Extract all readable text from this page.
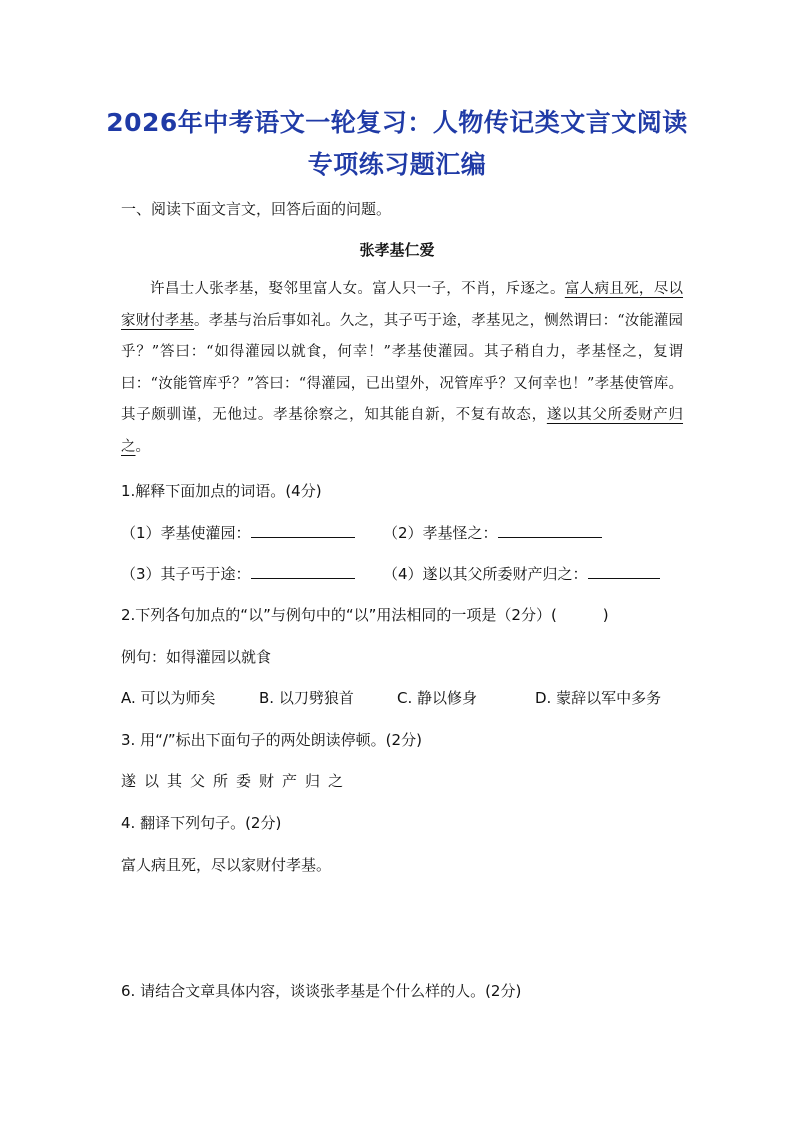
2026年中考语文一轮复习：人物传记类文言文阅读
专项练习题汇编
一、阅读下面文言文，回答后面的问题。
张孝基仁爱
许昌士人张孝基，娶邻里富人女。富人只一子，不肖，斥逐之。富人病且死，尽以家财付孝基。孝基与治后事如礼。久之，其子丐于途，孝基见之，恻然谓曰：“汝能灌园乎？”答曰：“如得灌园以就食，何幸！”孝基使灌园。其子稍自力，孝基怪之，复谓曰：“汝能管库乎？”答曰：“得灌园，已出望外，况管库乎？又何幸也！”孝基使管库。其子颇驯谨，无他过。孝基徐察之，知其能自新，不复有故态，遂以其父所委财产归之。
1.解释下面加点的词语。(4分)
（1）孝基使灌园：	（2）孝基怪之：
（3）其子丐于途：	（4）遂以其父所委财产归之：
2.下列各句加点的“以”与例句中的“以”用法相同的一项是（2分）(	)
例句：如得灌园以就食
A. 可以为师矣	B. 以刀劈狼首	C. 静以修身	D. 蒙辞以军中多务
3. 用“/”标出下面句子的两处朗读停顿。(2分)
遂以其父所委财产归之
4. 翻译下列句子。(2分)
富人病且死，尽以家财付孝基。
6. 请结合文章具体内容，谈谈张孝基是个什么样的人。(2分)
